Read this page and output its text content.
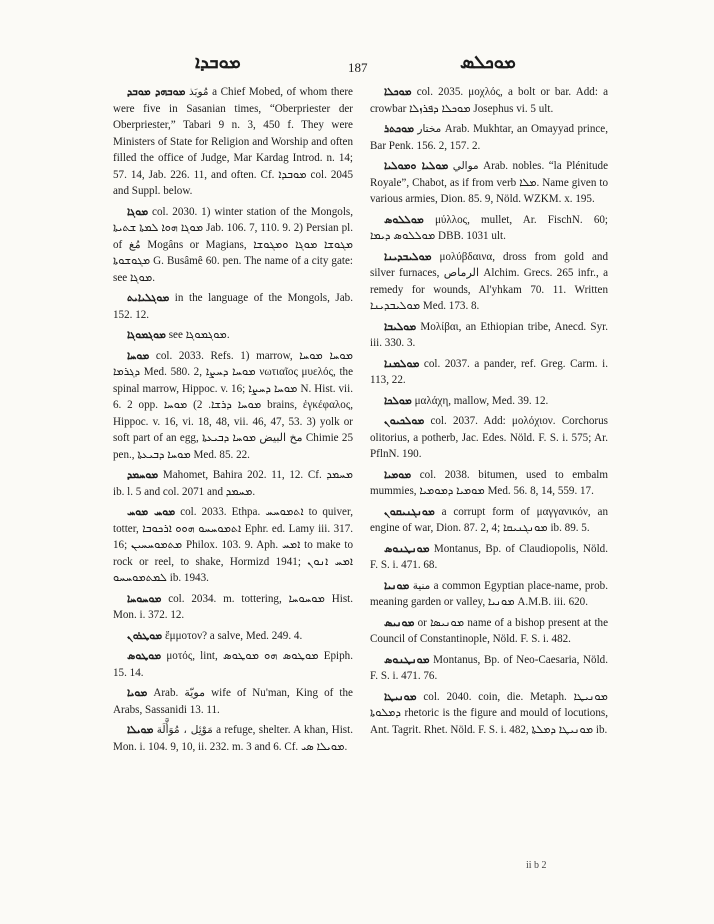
ܡܘܒܕܐ	187	ܡܘܟܠܣ

ܡܘܒܗܕ ܡܘܒܕ مُوبَذ a Chief Mobed, of whom there were five in Sasanian times, “Oberpriester der Oberpriester,” Tabari 9 n. 3, 450 f. They were Ministers of State for Religion and Worship and often filled the office of Judge, Mar Kardag Introd. n. 14; 57. 14, Jab. 226. 11, and often. Cf. ܡܘܒܕܐ col. 2045 and Suppl. below.

ܡܘܓܐ col. 2030. 1) winter station of the Mongols, ܡܘܓܐ ܗܘܐ ܠܡܬܐ ܫܬܝܬܐ Jab. 106. 7, 110. 9. 2) Persian pl. of مُغ Mogâns or Magians, ܡܓܘܫܐ ܡܘܓܐ ܘܡܓܘܫܐ ܡܓܘܫܘܬܐ G. Busâmê 60. pen. The name of a city gate: see ܡܘܓܐ.

ܡܘܓܠܝܐܝܬ in the language of the Mongols, Jab. 152. 12.

ܡܘܓܡܘܓܐ see ܡܘܓܡܘܓܐ.

ܡܘܚܐ col. 2033. Refs. 1) marrow, ܡܘܚܐ ܡܘܚܐ ܕܓܪܡܐ Med. 580. 2, ܡܘܚܐ ܕܚܨܐ νωτιαῖος μυελός, the spinal marrow, Hippoc. v. 16; ܡܘܚܐ ܕܚܨܐ N. Hist. vii. 6. 2 opp. ܡܘܚܐ ܕܪܫܐ. 2) ܡܘܚܐ brains, ἐγκέφαλος, Hippoc. v. 16, vi. 18, 48, vii. 46, 47, 53. 3) yolk or soft part of an egg, مخ البيض ܡܘܚܐ ܕܒܝܥܬܐ Chimie 25 pen., ܡܘܚܐ ܕܒܝܥܬܐ Med. 85. 22.

ܡܘܚܡܕ Mahomet, Bahira 202. 11, 12. Cf. ܡܚܡܕ ib. l. 5 and col. 2071 and ܡܚܡܕ.

ܡܘܚ ܡܘܚ col. 2033. Ethpa. ܐܬܡܘܚܚ to quiver, totter, ܐܬܡܘܚܚܘ ܗܘܘ ܐܪܟܘܒܐ Ephr. ed. Lamy iii. 317. 16; ܡܬܡܘܚܚܝܢ Philox. 103. 9. Aph. ܐܡܚ to make to rock or reel, to shake, Hormizd 1941; ܐܡܚ ܐܢܘܢ ܠܡܬܡܘܚܚܘ ib. 1943.

ܡܘܚܘܚܐ col. 2034. m. tottering, ܡܘܚܘܚܐ Hist. Mon. i. 372. 12.

ܡܘܛܪܘܢ ἔμμοτον? a salve, Med. 249. 4.

ܡܘܛܘܣ μοτός, lint, ܡܘܛܘܣ ܗܘ ܡܘܛܘܣ Epiph. 15. 14.

ܡܘܝܐ Arab. مويّة wife of Nu'man, King of the Arabs, Sassanidi 13. 11.

ܡܘܝܠܐ مَوْئِل ، مُوَأَّلَة a refuge, shelter. A khan, Hist. Mon. i. 104. 9, 10, ii. 232. m. 3 and 6. Cf. ܡܘܝܠܐ ܣܝ.

ܡܘܟܠܐ col. 2035. μοχλός, a bolt or bar. Add: a crowbar ܡܘܟܠܐ ܕܦܪܙܠܐ Josephus vi. 5 ult.

ܡܘܟܬܪ مختار Arab. Mukhtar, an Omayyad prince, Bar Penk. 156. 2, 157. 2.

ܡܘܠܝܐ ܘܡܘܠܝܐ موالي Arab. nobles. “la Plénitude Royale”, Chabot, as if from verb ܡܠܐ. Name given to various armies, Dion. 85. 9, Nöld. WZKM. x. 195.

ܡܘܠܠܘܣ μύλλος, mullet, Ar. FischN. 60; ܡܘܠܠܘܣ ܕܝܡܐ DBB. 1031 ult.

ܡܘܠܝܒܕܝܢܐ μολύβδαινα, dross from gold and silver furnaces, الرماص Alchim. Grecs. 265 infr., a remedy for wounds, Al'yhkam 70. 11. Written ܡܘܠܝܒܕܝܢܐ Med. 173. 8.

ܡܘܠܝܒܐ Μολίβαι, an Ethiopian tribe, Anecd. Syr. iii. 330. 3.

ܡܘܠܡܢܐ col. 2037. a pander, ref. Greg. Carm. i. 113, 22.

ܡܘܠܟܐ μαλάχη, mallow, Med. 39. 12.

ܡܘܠܟܝܘܢ col. 2037. Add: μολόχιον. Corchorus olitorius, a potherb, Jac. Edes. Nöld. F. S. i. 575; Ar. PflnN. 190.

ܡܘܡܝܐ col. 2038. bitumen, used to embalm mummies, ܡܘܡܝܐ ܕܡܘܡܝܐ Med. 56. 8, 14, 559. 17.

ܡܘܢܓܢܝܩܘܢ a corrupt form of μαγγανικόν, an engine of war, Dion. 87. 2, 4; ܡܘܢܓܢܝܩܐ ib. 89. 5.

ܡܘܢܛܢܘܣ Montanus, Bp. of Claudiopolis, Nöld. F. S. i. 471. 68.

ܡܘܢܝܐ منية a common Egyptian place-name, prob. meaning garden or valley, ܡܘܢܝܐ A.M.B. iii. 620.

ܡܘܢܝܣ or ܡܘܢܝܣܐ name of a bishop present at the Council of Constantinople, Nöld. F. S. i. 482.

ܡܘܢܛܢܘܣ Montanus, Bp. of Neo-Caesaria, Nöld. F. S. i. 471. 76.

ܡܘܢܝܛܐ col. 2040. coin, die. Metaph. ܡܘܢܝܛܐ ܕܡܠܘܬܐ rhetoric is the figure and mould of locutions, Ant. Tagrit. Rhet. Nöld. F. S. i. 482, ܡܘܢܝܛܐ ܕܡܠܬܐ ib.

ii b 2
